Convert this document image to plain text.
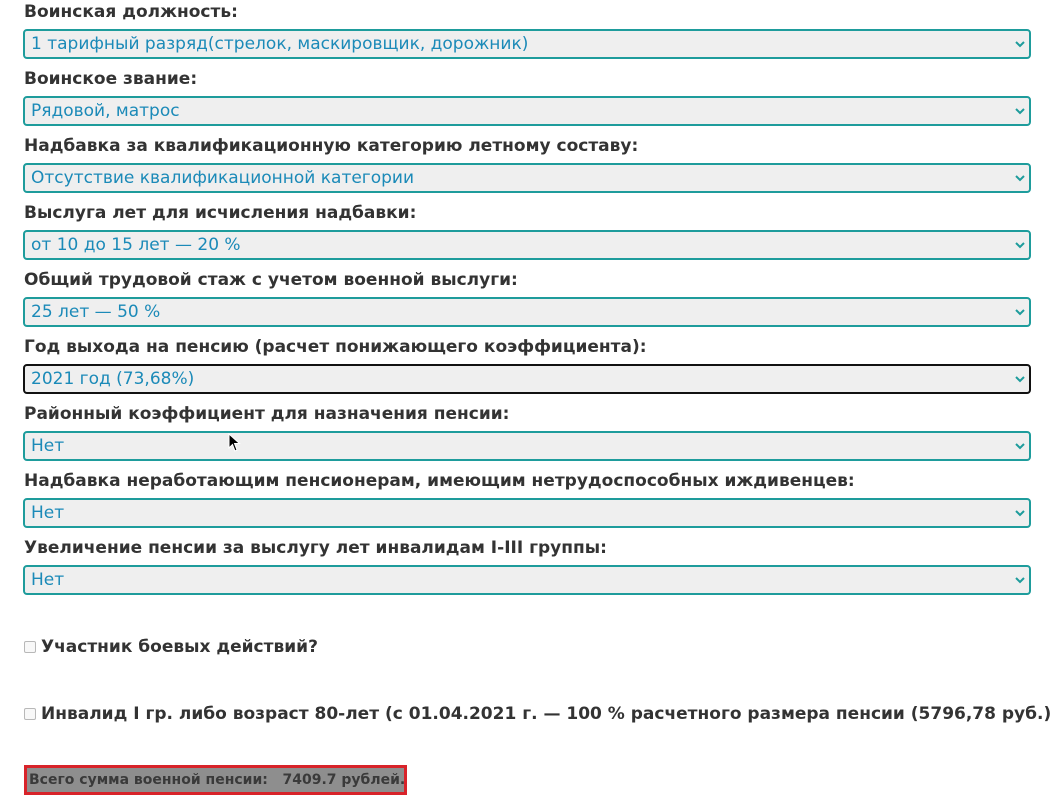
Воинская должность:
1 тарифный разряд(стрелок, маскировщик, дорожник)
Воинское звание:
Рядовой, матрос
Надбавка за квалификационную категорию летному составу:
Отсутствие квалификационной категории
Выслуга лет для исчисления надбавки:
от 10 до 15 лет — 20 %
Общий трудовой стаж с учетом военной выслуги:
25 лет — 50 %
Год выхода на пенсию (расчет понижающего коэффициента):
2021 год (73,68%)
Районный коэффициент для назначения пенсии:
Нет
Надбавка неработающим пенсионерам, имеющим нетрудоспособных иждивенцев:
Нет
Увеличение пенсии за выслугу лет инвалидам I-III группы:
Нет
Участник боевых действий?
Инвалид I гр. либо возраст 80-лет (с 01.04.2021 г. — 100 % расчетного размера пенсии (5796,78 руб.)
Всего сумма военной пенсии: 7409.7 рублей.
